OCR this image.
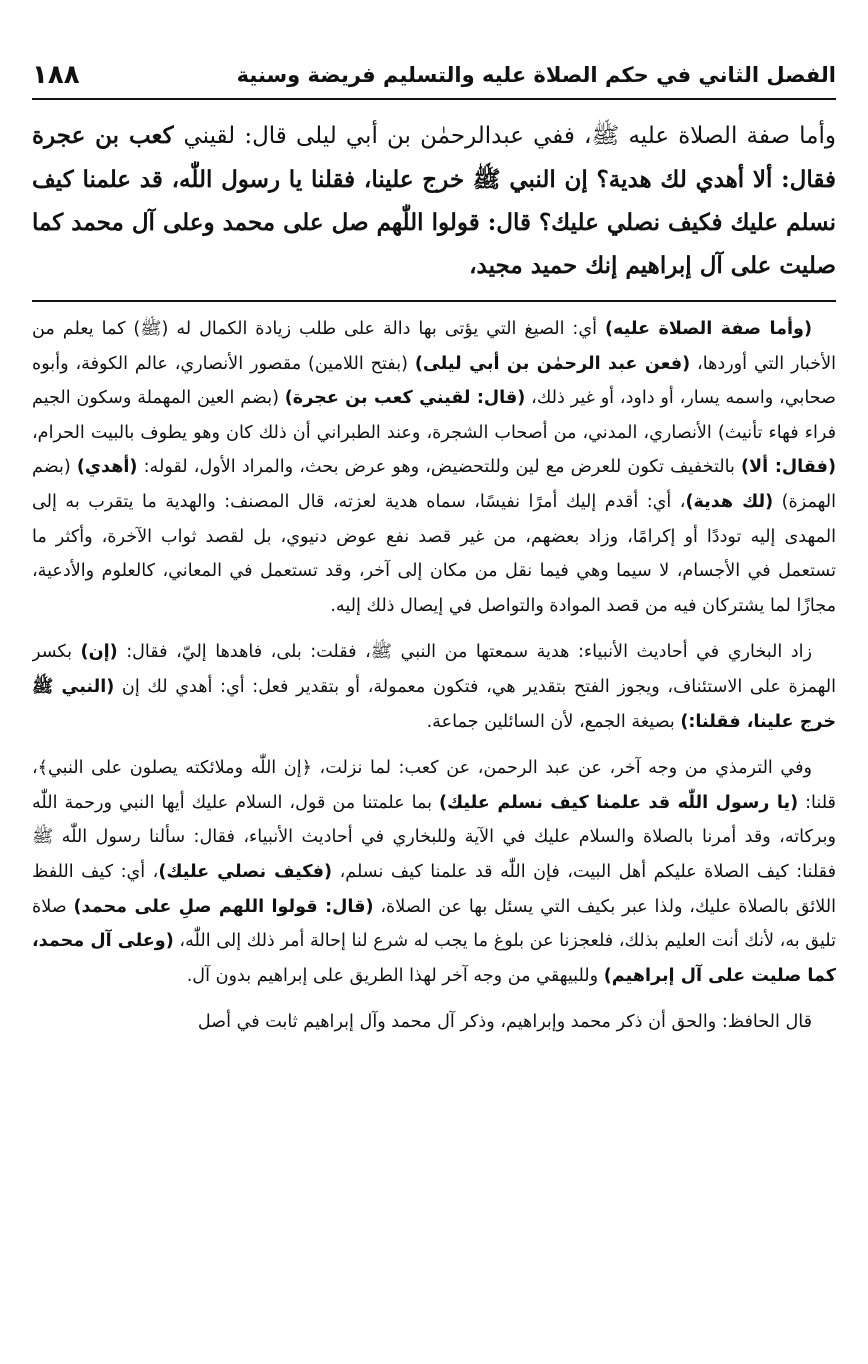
١٨٨	الفصل الثاني في حكم الصلاة عليه والتسليم فريضة وسنية
وأما صفة الصلاة عليه ﷺ، ففي عبدالرحمٰن بن أبي ليلى قال: لقيني كعب بن عجرة فقال: ألا أهدي لك هدية؟ إن النبي ﷺ خرج علينا، فقلنا يا رسول اللّٰه، قد علمنا كيف نسلم عليك فكيف نصلي عليك؟ قال: قولوا اللّٰهم صل على محمد وعلى آل محمد كما صليت على آل إبراهيم إنك حميد مجيد،

(وأما صفة الصلاة عليه) أي: الصيغ التي يؤتى بها دالة على طلب زيادة الكمال له (ﷺ) كما يعلم من الأخبار التي أوردها، (فعن عبد الرحمٰن بن أبي ليلى) (بفتح اللامين) مقصور الأنصاري، عالم الكوفة، وأبوه صحابي، واسمه يسار، أو داود، أو غير ذلك، (قال: لقيني كعب بن عجرة) (بضم العين المهملة وسكون الجيم فراء فهاء تأنيث) الأنصاري، المدني، من أصحاب الشجرة، وعند الطبراني أن ذلك كان وهو يطوف بالبيت الحرام، (فقال: ألا) بالتخفيف تكون للعرض مع لين وللتحضيض، وهو عرض بحث، والمراد الأول، لقوله: (أهدي) (بضم الهمزة) (لك هدية)، أي: أقدم إليك أمرًا نفيسًا، سماه هدية لعزته، قال المصنف: والهدية ما يتقرب به إلى المهدى إليه توددًا أو إكرامًا، وزاد بعضهم، من غير قصد نفع عوض دنيوي، بل لقصد ثواب الآخرة، وأكثر ما تستعمل في الأجسام، لا سيما وهي فيما نقل من مكان إلى آخر، وقد تستعمل في المعاني، كالعلوم والأدعية، مجازًا لما يشتركان فيه من قصد الموادة والتواصل في إيصال ذلك إليه.

زاد البخاري في أحاديث الأنبياء: هدية سمعتها من النبي ﷺ، فقلت: بلى، فاهدها إليّ، فقال: (إن) بكسر الهمزة على الاستئناف، ويجوز الفتح بتقدير هي، فتكون معمولة، أو بتقدير فعل: أي: أهدي لك إن (النبي ﷺ خرج علينا، فقلنا:) بصيغة الجمع، لأن السائلين جماعة.

وفي الترمذي من وجه آخر، عن عبد الرحمن، عن كعب: لما نزلت، ﴿إن اللّٰه وملائكته يصلون على النبي﴾، قلنا: (يا رسول اللّٰه قد علمنا كيف نسلم عليك) بما علمتنا من قول، السلام عليك أيها النبي ورحمة اللّٰه وبركاته، وقد أمرنا بالصلاة والسلام عليك في الآية وللبخاري في أحاديث الأنبياء، فقال: سألنا رسول اللّٰه ﷺ فقلنا: كيف الصلاة عليكم أهل البيت، فإن اللّٰه قد علمنا كيف نسلم، (فكيف نصلي عليك)، أي: كيف اللفظ اللائق بالصلاة عليك، ولذا عبر بكيف التي يسئل بها عن الصلاة، (قال: قولوا اللهم صلِ على محمد) صلاة تليق به، لأنك أنت العليم بذلك، فلعجزنا عن بلوغ ما يجب له شرع لنا إحالة أمر ذلك إلى اللّٰه، (وعلى آل محمد، كما صليت على آل إبراهيم) وللبيهقي من وجه آخر لهذا الطريق على إبراهيم بدون آل.

قال الحافظ: والحق أن ذكر محمد وإبراهيم، وذكر آل محمد وآل إبراهيم ثابت في أصل
